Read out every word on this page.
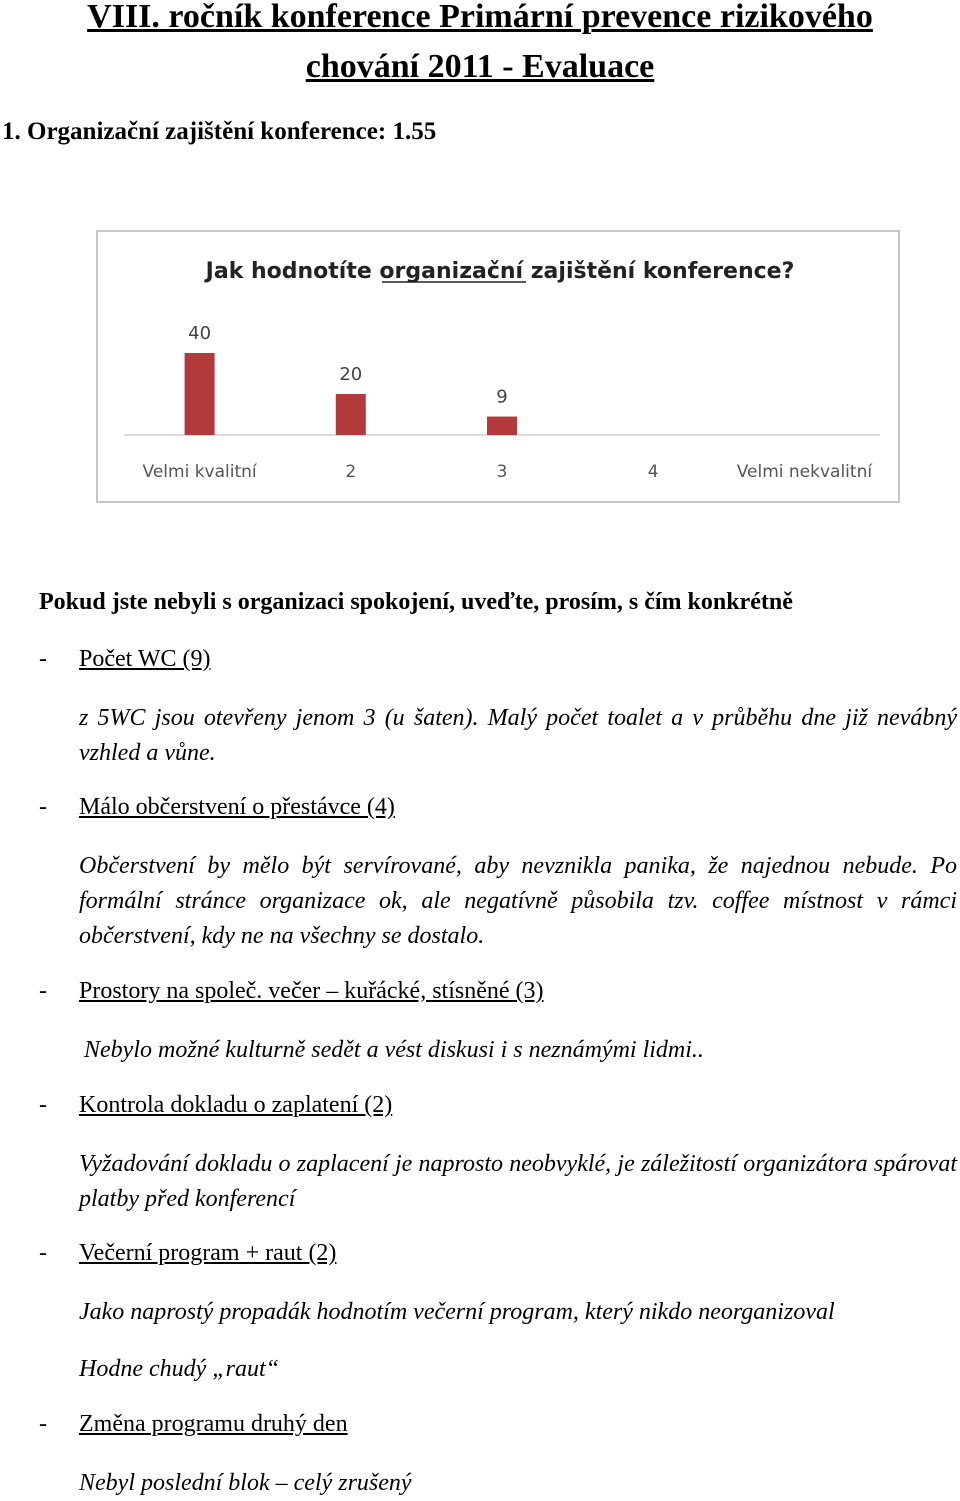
VIII. ročník konference Primární prevence rizikového
chování 2011 - Evaluace
1. Organizační zajištění konference: 1.55
Jak hodnotíte organizační zajištění konference?
40
Velmi kvalitní
20
2
9
3	4	Velmi nekvalitní
Pokud jste nebyli s organizaci spokojení, uveďte, prosím, s čím konkrétně
- Počet WC (9)
z 5WC jsou otevřeny jenom 3 (u šaten). Malý počet toalet a v průběhu dne již nevábný vzhled a vůne.
- Málo občerstvení o přestávce (4)
Občerstvení by mělo být servírované, aby nevznikla panika, že najednou nebude. Po formální stránce organizace ok, ale negatívně působila tzv. coffee místnost v rámci občerstvení, kdy ne na všechny se dostalo.
- Prostory na společ. večer – kuřácké, stísněné (3)
Nebylo možné kulturně sedět a vést diskusi i s neznámými lidmi..
- Kontrola dokladu o zaplatení (2)
Vyžadování dokladu o zaplacení je naprosto neobvyklé, je záležitostí organizátora spárovat platby před konferencí
- Večerní program + raut (2)
Jako naprostý propadák hodnotím večerní program, který nikdo neorganizoval
Hodne chudý „raut“
- Změna programu druhý den
Nebyl poslední blok – celý zrušený
